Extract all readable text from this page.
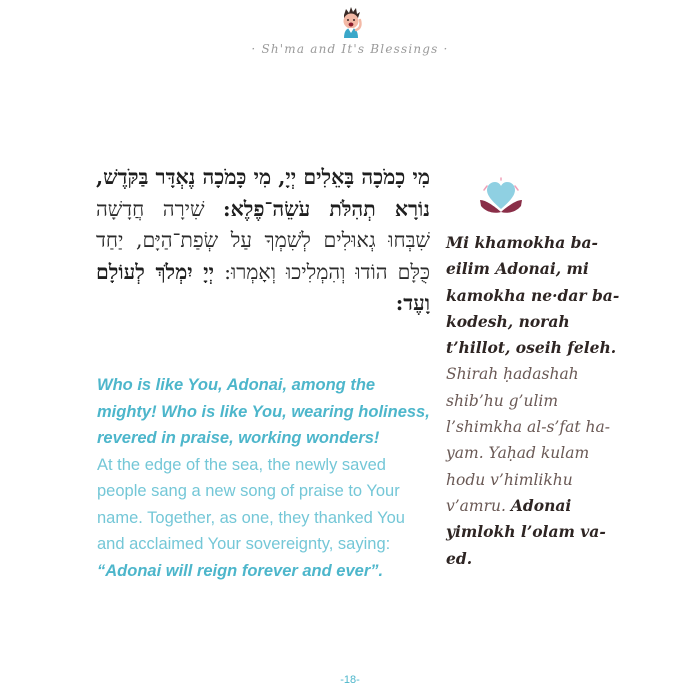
· Sh'ma and It's Blessings ·
מִי כָמֹכָה בָּאֵלִים יְיָ, מִי כָּמֹכָה נֶאְדָּר בַּקֹּדֶשׁ, נוֹרָא תְהִלֹּת עֹשֵׂה־פֶלֶא: שִׁירָה חֲדָשָׁה שִׁבְּחוּ גְאוּלִים לְשִׁמְךָ עַל שְׂפַת־הַיָּם, יַחַד כֻּלָּם הוֹדוּ וְהִמְלִיכוּ וְאָמְרוּ: יְיָ יִמְלֹךְ לְעוֹלָם וָעֶד:
Who is like You, Adonai, among the mighty! Who is like You, wearing holiness, revered in praise, working wonders!
At the edge of the sea, the newly saved people sang a new song of praise to Your name. Together, as one, they thanked You and acclaimed Your sovereignty, saying:
“Adonai will reign forever and ever”.
Mi khamokha ba-eilim Adonai, mi kamokha ne·dar ba-kodesh, norah t’hillot, oseih feleh. Shirah ḥadashah shib’hu g’ulim l’shimkha al-s’fat ha-yam. Yaḥad kulam hodu v’himlikhu v’amru. Adonai yimlokh l’olam va-ed.
-18-
